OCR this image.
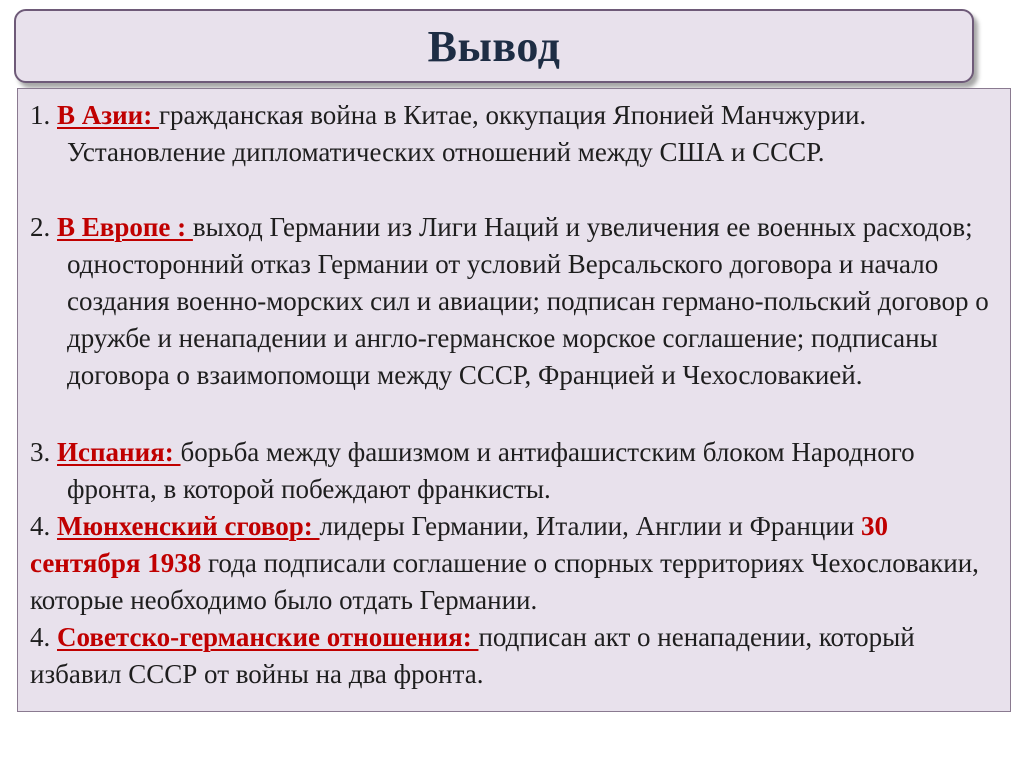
Вывод

1. В Азии: гражданская война в Китае, оккупация Японией Манчжурии. Установление дипломатических отношений между США и СССР.

2. В Европе : выход Германии из Лиги Наций и увеличения ее военных расходов; односторонний отказ Германии от условий Версальского договора и начало создания военно-морских сил и авиации; подписан германо-польский договор о дружбе и ненападении и англо-германское морское соглашение; подписаны договора о взаимопомощи между СССР, Францией и Чехословакией.

3. Испания: борьба между фашизмом и антифашистским блоком Народного фронта, в которой побеждают франкисты.

4. Мюнхенский сговор: лидеры Германии, Италии, Англии и Франции 30 сентября 1938 года подписали соглашение о спорных территориях Чехословакии, которые необходимо было отдать Германии.

4. Советско-германские отношения: подписан акт о ненападении, который избавил СССР от войны на два фронта.
